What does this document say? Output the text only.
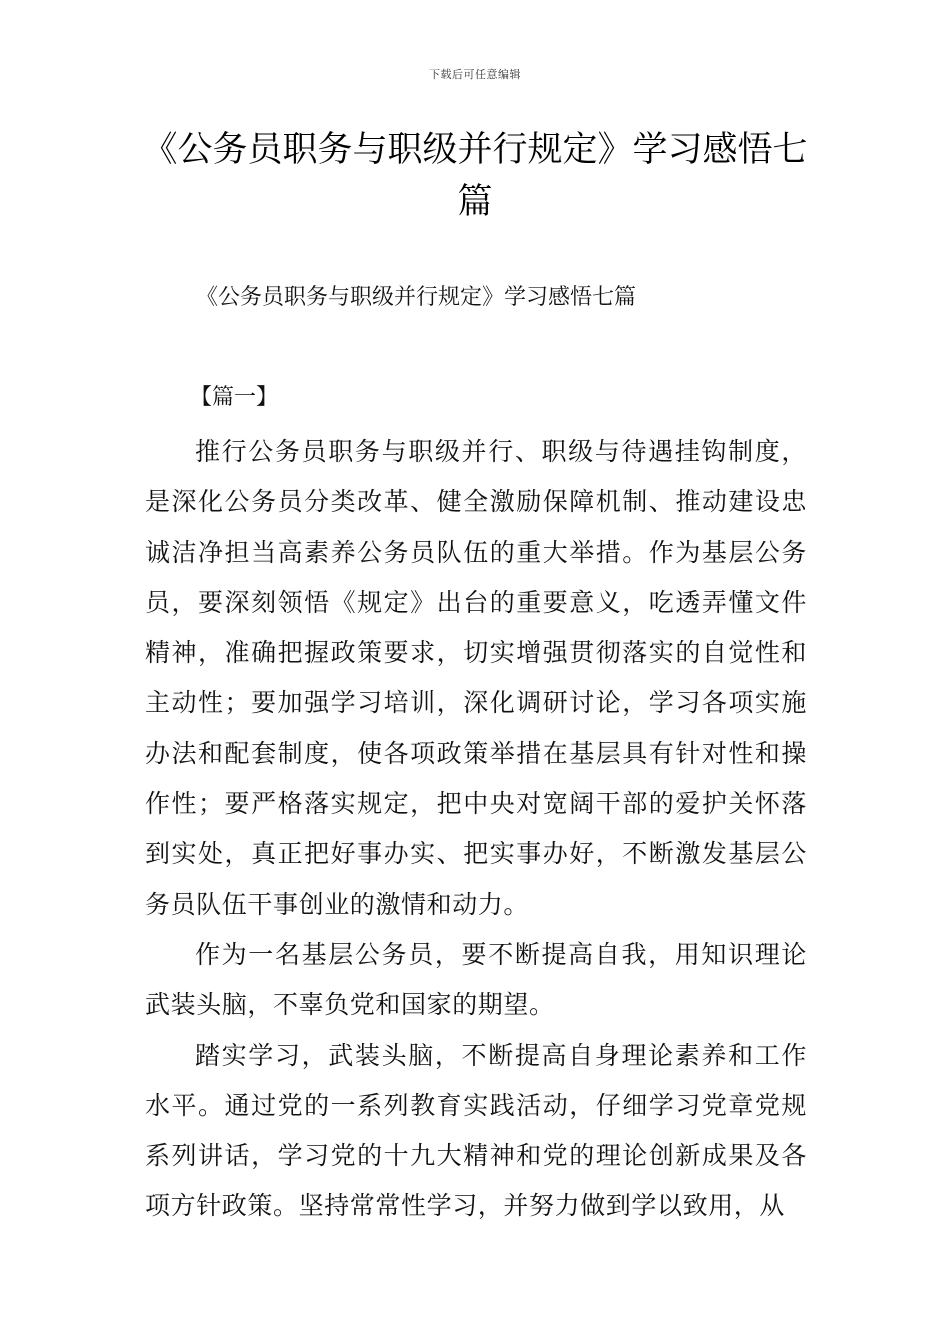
下载后可任意编辑
《公务员职务与职级并行规定》学习感悟七篇

《公务员职务与职级并行规定》学习感悟七篇

【篇一】

推行公务员职务与职级并行、职级与待遇挂钩制度，是深化公务员分类改革、健全激励保障机制、推动建设忠诚洁净担当高素养公务员队伍的重大举措。作为基层公务员，要深刻领悟《规定》出台的重要意义，吃透弄懂文件精神，准确把握政策要求，切实增强贯彻落实的自觉性和主动性；要加强学习培训，深化调研讨论，学习各项实施办法和配套制度，使各项政策举措在基层具有针对性和操作性；要严格落实规定，把中央对宽阔干部的爱护关怀落到实处，真正把好事办实、把实事办好，不断激发基层公务员队伍干事创业的激情和动力。

作为一名基层公务员，要不断提高自我，用知识理论武装头脑，不辜负党和国家的期望。

踏实学习，武装头脑，不断提高自身理论素养和工作水平。通过党的一系列教育实践活动，仔细学习党章党规系列讲话，学习党的十九大精神和党的理论创新成果及各项方针政策。坚持常常性学习，并努力做到学以致用，从
